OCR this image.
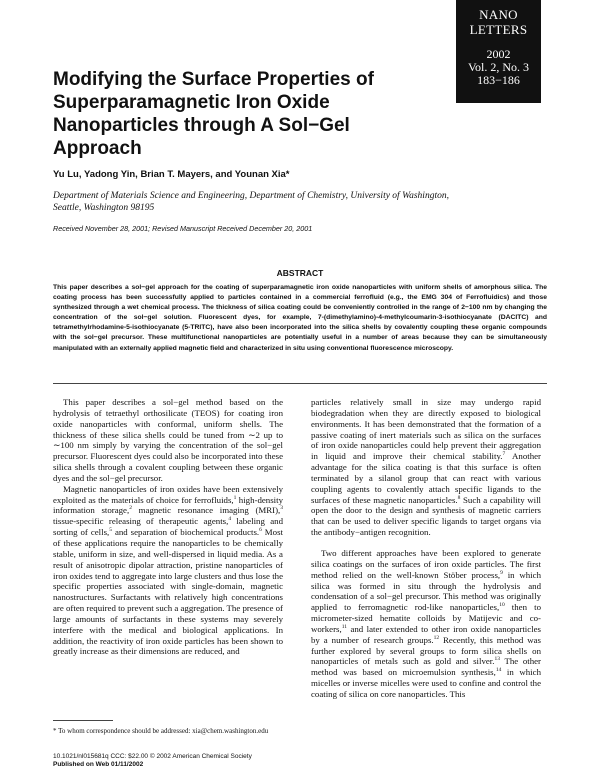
NANO
LETTERS
2002
Vol. 2, No. 3
183−186
Modifying the Surface Properties of Superparamagnetic Iron Oxide Nanoparticles through A Sol−Gel Approach
Yu Lu, Yadong Yin, Brian T. Mayers, and Younan Xia*
Department of Materials Science and Engineering, Department of Chemistry, University of Washington, Seattle, Washington 98195
Received November 28, 2001; Revised Manuscript Received December 20, 2001
ABSTRACT
This paper describes a sol−gel approach for the coating of superparamagnetic iron oxide nanoparticles with uniform shells of amorphous silica. The coating process has been successfully applied to particles contained in a commercial ferrofluid (e.g., the EMG 304 of Ferrofluidics) and those synthesized through a wet chemical process. The thickness of silica coating could be conveniently controlled in the range of 2−100 nm by changing the concentration of the sol−gel solution. Fluorescent dyes, for example, 7-(dimethylamino)-4-methylcoumarin-3-isothiocyanate (DACITC) and tetramethylrhodamine-5-isothiocyanate (5-TRITC), have also been incorporated into the silica shells by covalently coupling these organic compounds with the sol−gel precursor. These multifunctional nanoparticles are potentially useful in a number of areas because they can be simultaneously manipulated with an externally applied magnetic field and characterized in situ using conventional fluorescence microscopy.

This paper describes a sol−gel method based on the hydrolysis of tetraethyl orthosilicate (TEOS) for coating iron oxide nanoparticles with conformal, uniform shells. The thickness of these silica shells could be tuned from ∼2 up to ∼100 nm simply by varying the concentration of the sol−gel precursor. Fluorescent dyes could also be incorporated into these silica shells through a covalent coupling between these organic dyes and the sol−gel precursor.

Magnetic nanoparticles of iron oxides have been extensively exploited as the materials of choice for ferrofluids,$^1$ high-density information storage,$^2$ magnetic resonance imaging (MRI),$^3$ tissue-specific releasing of therapeutic agents,$^4$ labeling and sorting of cells,$^5$ and separation of biochemical products.$^6$ Most of these applications require the nanoparticles to be chemically stable, uniform in size, and well-dispersed in liquid media. As a result of anisotropic dipolar attraction, pristine nanoparticles of iron oxides tend to aggregate into large clusters and thus lose the specific properties associated with single-domain, magnetic nanostructures. Surfactants with relatively high concentrations are often required to prevent such a aggregation. The presence of large amounts of surfactants in these systems may severely interfere with the medical and biological applications. In addition, the reactivity of iron oxide particles has been shown to greatly increase as their dimensions are reduced, and

particles relatively small in size may undergo rapid biodegradation when they are directly exposed to biological environments. It has been demonstrated that the formation of a passive coating of inert materials such as silica on the surfaces of iron oxide nanoparticles could help prevent their aggregation in liquid and improve their chemical stability.$^7$ Another advantage for the silica coating is that this surface is often terminated by a silanol group that can react with various coupling agents to covalently attach specific ligands to the surfaces of these magnetic nanoparticles.$^8$ Such a capability will open the door to the design and synthesis of magnetic carriers that can be used to deliver specific ligands to target organs via the antibody−antigen recognition.

Two different approaches have been explored to generate silica coatings on the surfaces of iron oxide particles. The first method relied on the well-known Stöber process,$^9$ in which silica was formed in situ through the hydrolysis and condensation of a sol−gel precursor. This method was originally applied to ferromagnetic rod-like nanoparticles,$^{10}$ then to micrometer-sized hematite colloids by Matijevic and co-workers,$^{11}$ and later extended to other iron oxide nanoparticles by a number of research groups.$^{12}$ Recently, this method was further explored by several groups to form silica shells on nanoparticles of metals such as gold and silver.$^{13}$ The other method was based on microemulsion synthesis,$^{14}$ in which micelles or inverse micelles were used to confine and control the coating of silica on core nanoparticles. This

* To whom correspondence should be addressed: xia@chem.washington.edu
10.1021/nl015681q CCC: $22.00 © 2002 American Chemical Society
Published on Web 01/11/2002
